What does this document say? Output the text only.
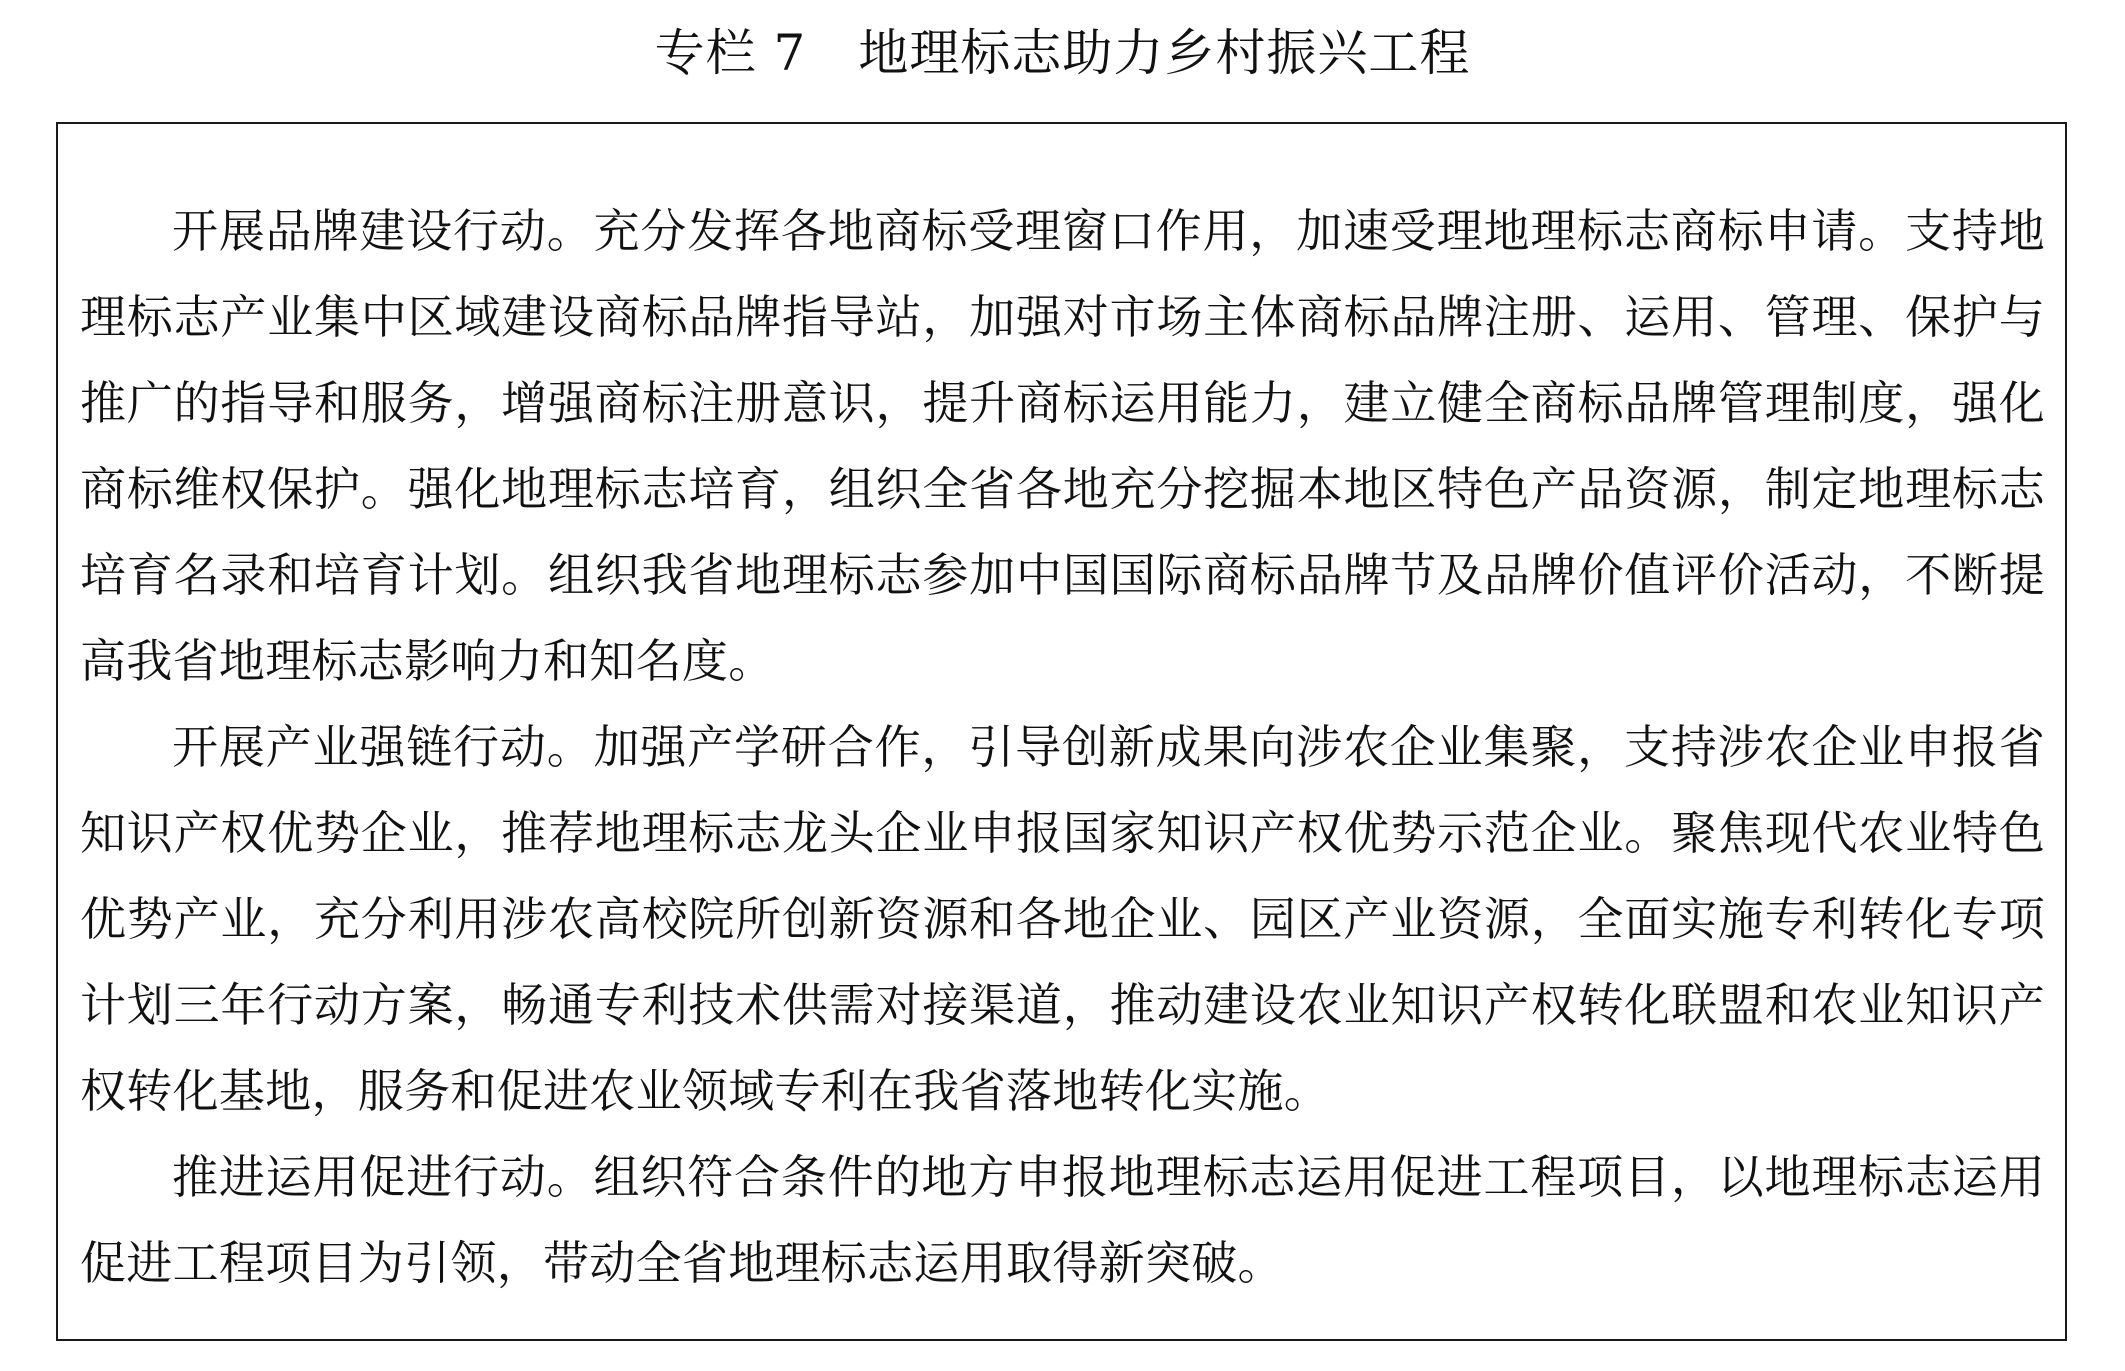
专栏 7 地理标志助力乡村振兴工程

开展品牌建设行动。充分发挥各地商标受理窗口作用，加速受理地理标志商标申请。支持地理标志产业集中区域建设商标品牌指导站，加强对市场主体商标品牌注册、运用、管理、保护与推广的指导和服务，增强商标注册意识，提升商标运用能力，建立健全商标品牌管理制度，强化商标维权保护。强化地理标志培育，组织全省各地充分挖掘本地区特色产品资源，制定地理标志培育名录和培育计划。组织我省地理标志参加中国国际商标品牌节及品牌价值评价活动，不断提高我省地理标志影响力和知名度。

开展产业强链行动。加强产学研合作，引导创新成果向涉农企业集聚，支持涉农企业申报省知识产权优势企业，推荐地理标志龙头企业申报国家知识产权优势示范企业。聚焦现代农业特色优势产业，充分利用涉农高校院所创新资源和各地企业、园区产业资源，全面实施专利转化专项计划三年行动方案，畅通专利技术供需对接渠道，推动建设农业知识产权转化联盟和农业知识产权转化基地，服务和促进农业领域专利在我省落地转化实施。

推进运用促进行动。组织符合条件的地方申报地理标志运用促进工程项目，以地理标志运用促进工程项目为引领，带动全省地理标志运用取得新突破。
